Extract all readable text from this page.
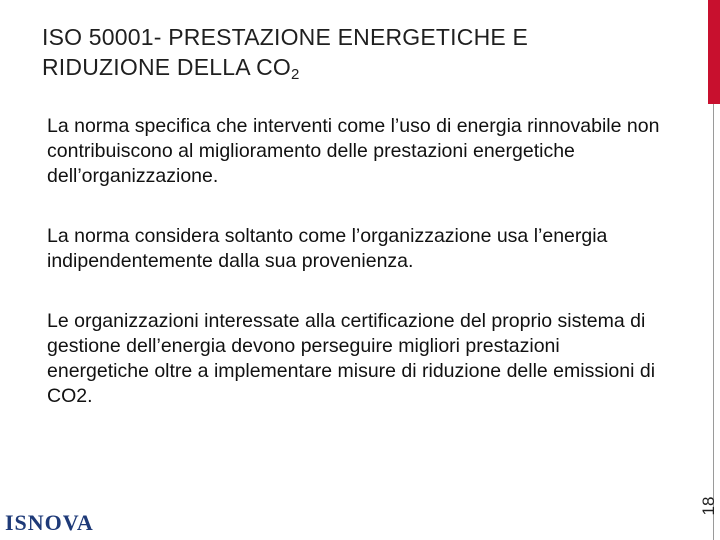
ISO 50001- PRESTAZIONE ENERGETICHE E
RIDUZIONE DELLA $CO_2$

La norma specifica che interventi come l’uso di energia rinnovabile non contribuiscono al miglioramento delle prestazioni energetiche dell’organizzazione.

La norma considera soltanto come l’organizzazione usa l’energia indipendentemente dalla sua provenienza.

Le organizzazioni interessate alla certificazione del proprio sistema di gestione dell’energia devono perseguire migliori prestazioni energetiche oltre a implementare misure di riduzione delle emissioni di CO2.

18
ISNOVA
